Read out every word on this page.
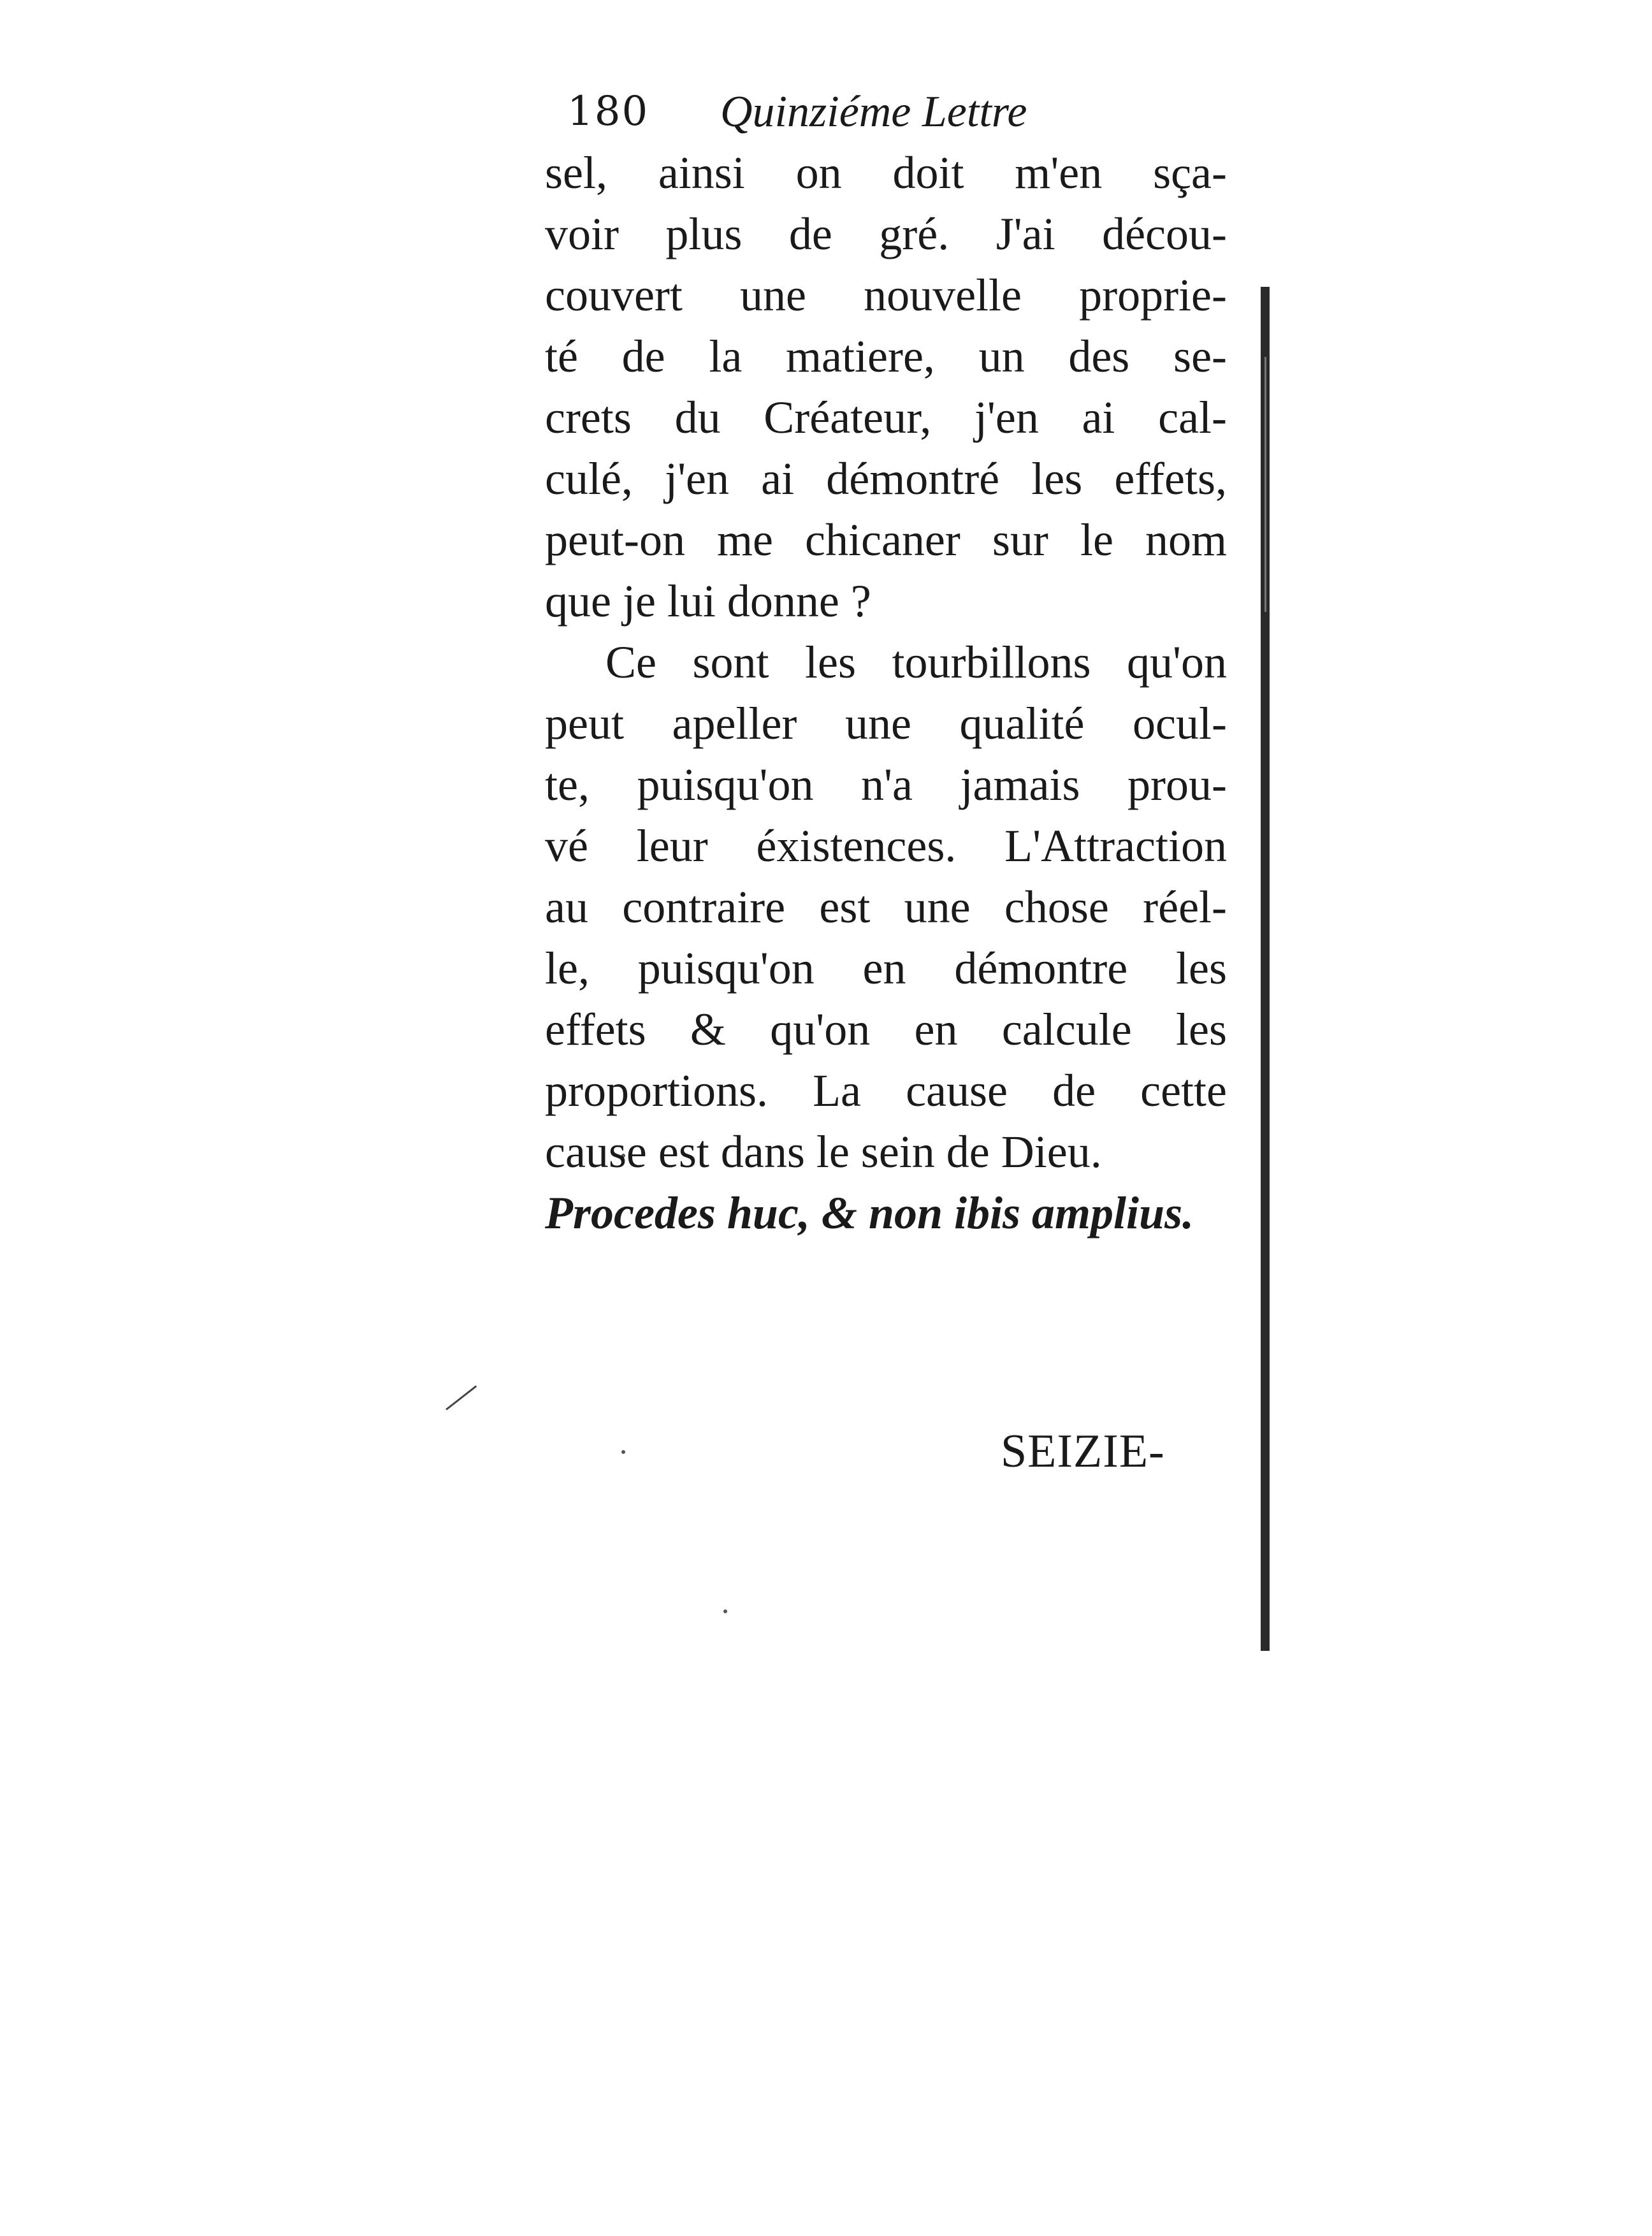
180 Quinziéme Lettre
sel, ainsi on doit m'en sça-
voir plus de gré. J'ai décou-
couvert une nouvelle proprie-
té de la matiere, un des se-
crets du Créateur, j'en ai cal-
culé, j'en ai démontré les effets,
peut-on me chicaner sur le nom
que je lui donne ?
Ce sont les tourbillons qu'on
peut apeller une qualité ocul-
te, puisqu'on n'a jamais prou-
vé leur éxistences. L'Attraction
au contraire est une chose réel-
le, puisqu'on en démontre les
effets & qu'on en calcule les
proportions. La cause de cette
cause est dans le sein de Dieu.
Procedes huc, & non ibis amplius.
SEIZIE-
